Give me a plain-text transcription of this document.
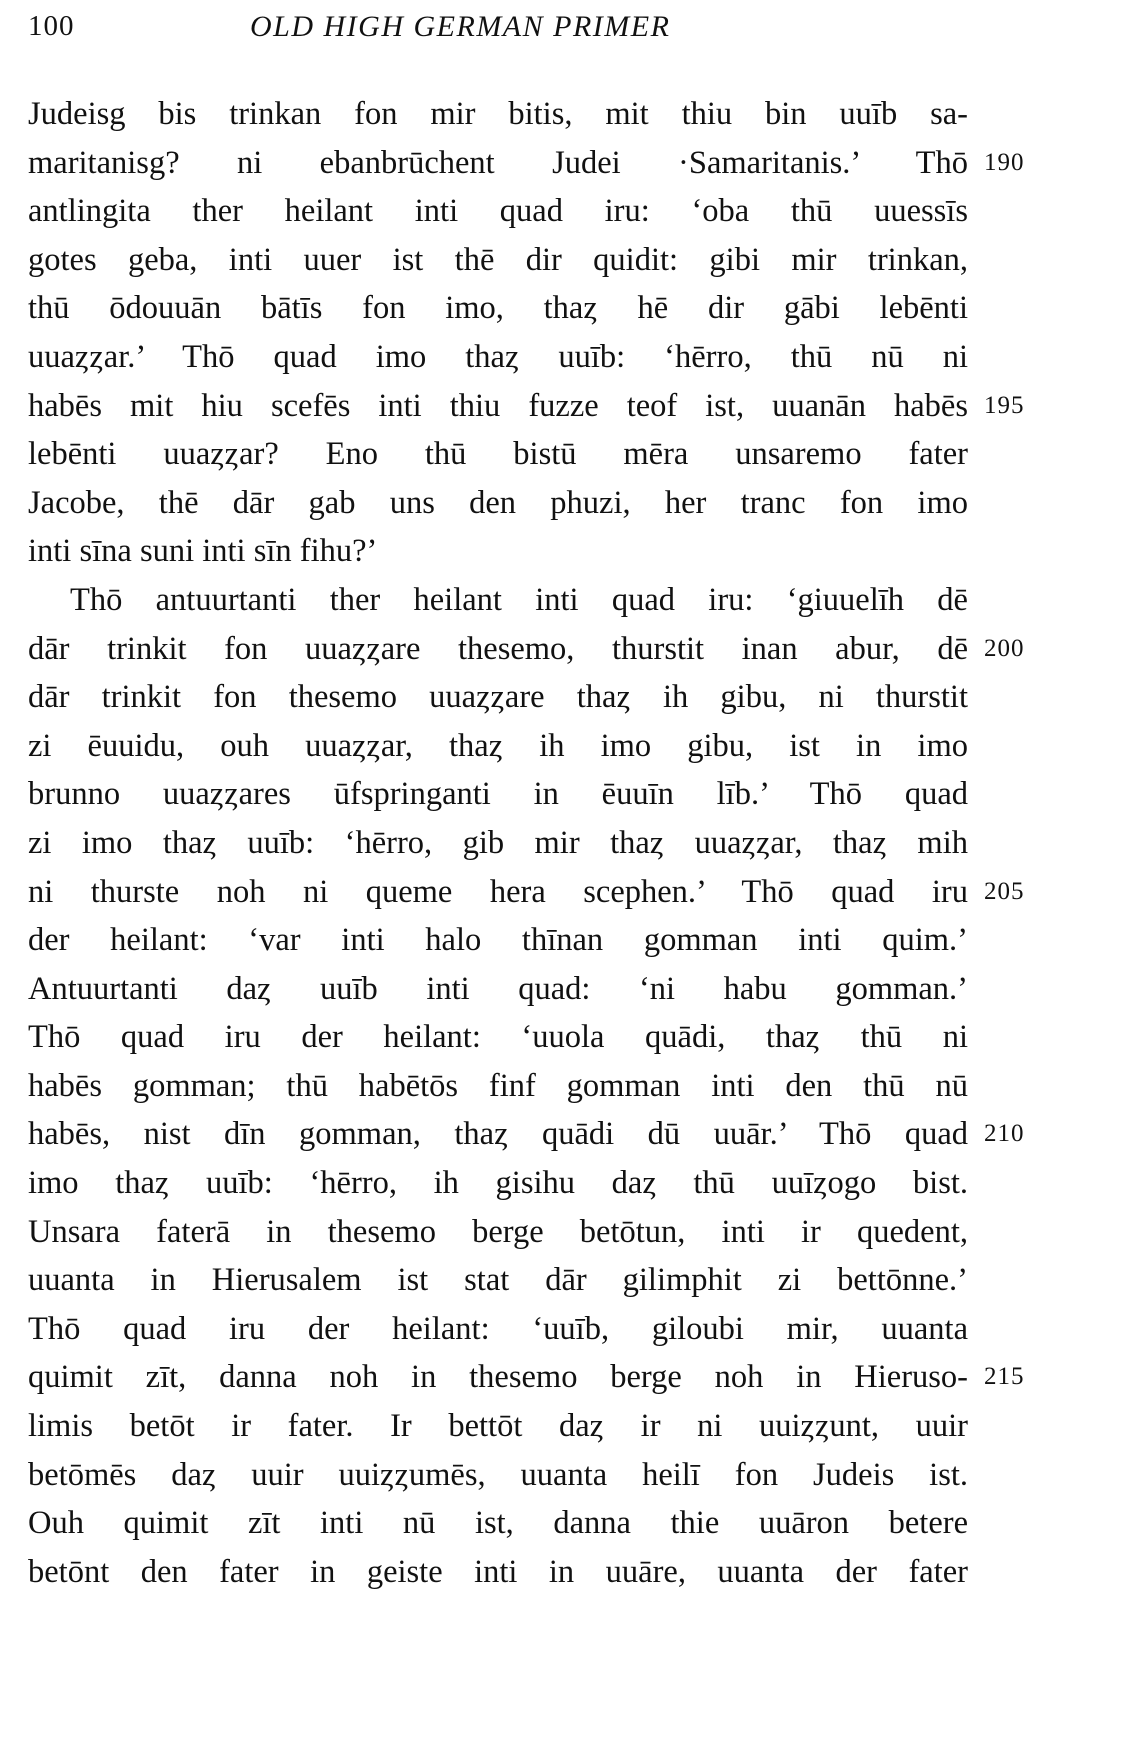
100	OLD HIGH GERMAN PRIMER
Judeisg bis trinkan fon mir bitis, mit thiu bin uuīb sa-
maritanisg? ni ebanbrūchent Judei ·Samaritanis.’ Thō 190
antlingita ther heilant inti quad iru: ‘oba thū uuessīs
gotes geba, inti uuer ist thē dir quidit: gibi mir trinkan,
thū ōdouuān bātīs fon imo, thaȥ hē dir gābi lebēnti
uuaȥȥar.’ Thō quad imo thaȥ uuīb: ‘hērro, thū nū ni
habēs mit hiu scefēs inti thiu fuzze teof ist, uuanān habēs 195
lebēnti uuaȥȥar? Eno thū bistū mēra unsaremo fater
Jacobe, thē dār gab uns den phuzi, her tranc fon imo
inti sīna suni inti sīn fihu?’
Thō antuurtanti ther heilant inti quad iru: ‘giuuelīh dē
dār trinkit fon uuaȥȥare thesemo, thurstit inan abur, dē 200
dār trinkit fon thesemo uuaȥȥare thaȥ ih gibu, ni thurstit
zi ēuuidu, ouh uuaȥȥar, thaȥ ih imo gibu, ist in imo
brunno uuaȥȥares ūfspringanti in ēuuīn līb.’ Thō quad
zi imo thaȥ uuīb: ‘hērro, gib mir thaȥ uuaȥȥar, thaȥ mih
ni thurste noh ni queme hera scephen.’ Thō quad iru 205
der heilant: ‘var inti halo thīnan gomman inti quim.’
Antuurtanti daȥ uuīb inti quad: ‘ni habu gomman.’
Thō quad iru der heilant: ‘uuola quādi, thaȥ thū ni
habēs gomman; thū habētōs finf gomman inti den thū nū
habēs, nist dīn gomman, thaȥ quādi dū uuār.’ Thō quad 210
imo thaȥ uuīb: ‘hērro, ih gisihu daȥ thū uuīȥogo bist.
Unsara faterā in thesemo berge betōtun, inti ir quedent,
uuanta in Hierusalem ist stat dār gilimphit zi bettōnne.’
Thō quad iru der heilant: ‘uuīb, giloubi mir, uuanta
quimit zīt, danna noh in thesemo berge noh in Hieruso- 215
limis betōt ir fater. Ir bettōt daȥ ir ni uuiȥȥunt, uuir
betōmēs daȥ uuir uuiȥȥumēs, uuanta heilī fon Judeis ist.
Ouh quimit zīt inti nū ist, danna thie uuāron betere
betōnt den fater in geiste inti in uuāre, uuanta der fater
